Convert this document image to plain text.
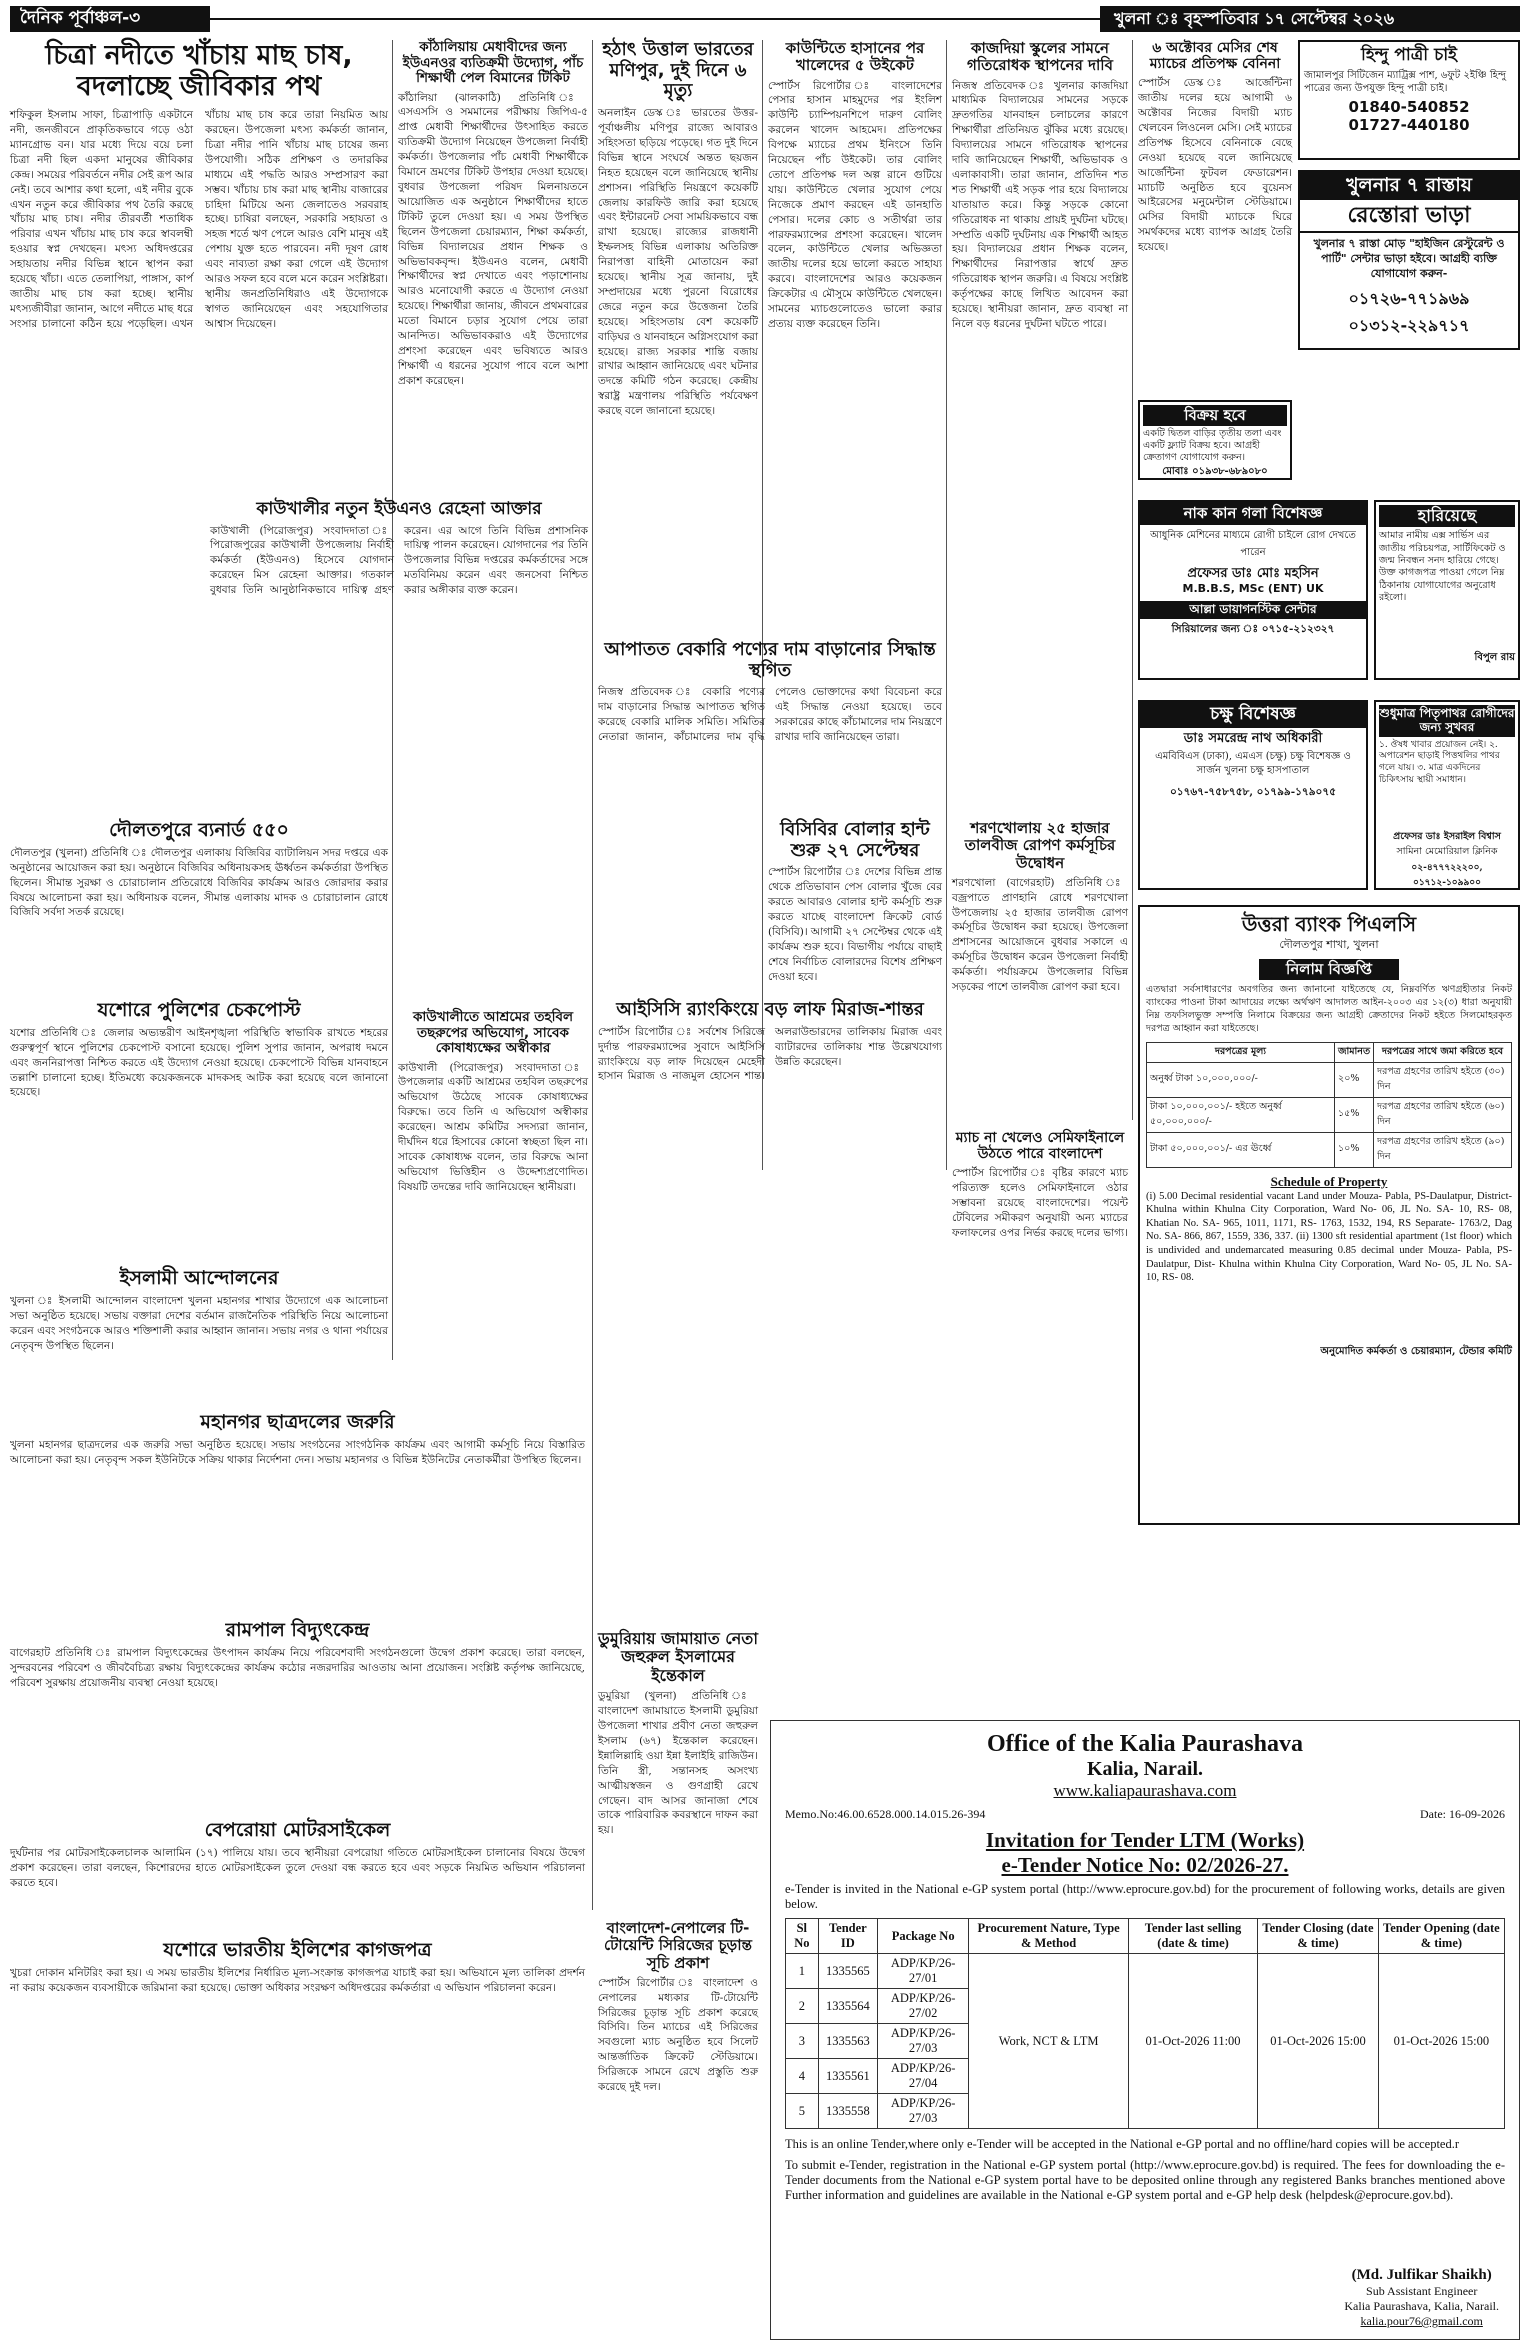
দৈনিক পূর্বাঞ্চল-৩	খুলনা ঃ বৃহস্পতিবার ১৭ সেপ্টেম্বর ২০২৬
চিত্রা নদীতে খাঁচায় মাছ চাষ, বদলাচ্ছে জীবিকার পথ
শফিকুল ইসলাম সাফা, চিত্রাপাড়ি একটানে নদী, জনজীবনে প্রাকৃতিকভাবে গড়ে ওঠা ম্যানগ্রোভ বন। যার মধ্যে দিয়ে বয়ে চলা চিত্রা নদী ছিল একদা মানুষের জীবিকার কেন্দ্র। সময়ের পরিবর্তনে নদীর সেই রূপ আর নেই। তবে আশার কথা হলো, এই নদীর বুকে এখন নতুন করে জীবিকার পথ তৈরি করছে খাঁচায় মাছ চাষ। নদীর তীরবর্তী শতাধিক পরিবার এখন খাঁচায় মাছ চাষ করে স্বাবলম্বী হওয়ার স্বপ্ন দেখছেন। মৎস্য অধিদপ্তরের সহায়তায় নদীর বিভিন্ন স্থানে স্থাপন করা হয়েছে খাঁচা। এতে তেলাপিয়া, পাঙ্গাস, কার্প জাতীয় মাছ চাষ করা হচ্ছে। স্থানীয় মৎস্যজীবীরা জানান, আগে নদীতে মাছ ধরে সংসার চালানো কঠিন হয়ে পড়েছিল। এখন খাঁচায় মাছ চাষ করে তারা নিয়মিত আয় করছেন। উপজেলা মৎস্য কর্মকর্তা জানান, চিত্রা নদীর পানি খাঁচায় মাছ চাষের জন্য উপযোগী। সঠিক প্রশিক্ষণ ও তদারকির মাধ্যমে এই পদ্ধতি আরও সম্প্রসারণ করা সম্ভব। খাঁচায় চাষ করা মাছ স্থানীয় বাজারের চাহিদা মিটিয়ে অন্য জেলাতেও সরবরাহ হচ্ছে। চাষিরা বলছেন, সরকারি সহায়তা ও সহজ শর্তে ঋণ পেলে আরও বেশি মানুষ এই পেশায় যুক্ত হতে পারবেন। নদী দূষণ রোধ এবং নাব্যতা রক্ষা করা গেলে এই উদ্যোগ আরও সফল হবে বলে মনে করেন সংশ্লিষ্টরা। স্থানীয় জনপ্রতিনিধিরাও এই উদ্যোগকে স্বাগত জানিয়েছেন এবং সহযোগিতার আশ্বাস দিয়েছেন।
দৌলতপুরে ব্যনার্ড ৫৫০
দৌলতপুর (খুলনা) প্রতিনিধি ঃ দৌলতপুর এলাকায় বিজিবির ব্যাটালিয়ন সদর দপ্তরে এক অনুষ্ঠানের আয়োজন করা হয়। অনুষ্ঠানে বিজিবির অধিনায়কসহ ঊর্ধ্বতন কর্মকর্তারা উপস্থিত ছিলেন। সীমান্ত সুরক্ষা ও চোরাচালান প্রতিরোধে বিজিবির কার্যক্রম আরও জোরদার করার বিষয়ে আলোচনা করা হয়। অধিনায়ক বলেন, সীমান্ত এলাকায় মাদক ও চোরাচালান রোধে বিজিবি সর্বদা সতর্ক রয়েছে।
যশোরে পুলিশের চেকপোস্ট
যশোর প্রতিনিধি ঃ জেলার অভ্যন্তরীণ আইনশৃঙ্খলা পরিস্থিতি স্বাভাবিক রাখতে শহরের গুরুত্বপূর্ণ স্থানে পুলিশের চেকপোস্ট বসানো হয়েছে। পুলিশ সুপার জানান, অপরাধ দমনে এবং জননিরাপত্তা নিশ্চিত করতে এই উদ্যোগ নেওয়া হয়েছে। চেকপোস্টে বিভিন্ন যানবাহনে তল্লাশি চালানো হচ্ছে। ইতিমধ্যে কয়েকজনকে মাদকসহ আটক করা হয়েছে বলে জানানো হয়েছে।
ইসলামী আন্দোলনের
খুলনা ঃ ইসলামী আন্দোলন বাংলাদেশ খুলনা মহানগর শাখার উদ্যোগে এক আলোচনা সভা অনুষ্ঠিত হয়েছে। সভায় বক্তারা দেশের বর্তমান রাজনৈতিক পরিস্থিতি নিয়ে আলোচনা করেন এবং সংগঠনকে আরও শক্তিশালী করার আহ্বান জানান। সভায় নগর ও থানা পর্যায়ের নেতৃবৃন্দ উপস্থিত ছিলেন।
মহানগর ছাত্রদলের জরুরি
খুলনা মহানগর ছাত্রদলের এক জরুরি সভা অনুষ্ঠিত হয়েছে। সভায় সংগঠনের সাংগঠনিক কার্যক্রম এবং আগামী কর্মসূচি নিয়ে বিস্তারিত আলোচনা করা হয়। নেতৃবৃন্দ সকল ইউনিটকে সক্রিয় থাকার নির্দেশনা দেন। সভায় মহানগর ও বিভিন্ন ইউনিটের নেতাকর্মীরা উপস্থিত ছিলেন।
রামপাল বিদ্যুৎকেন্দ্র
বাগেরহাট প্রতিনিধি ঃ রামপাল বিদ্যুৎকেন্দ্রের উৎপাদন কার্যক্রম নিয়ে পরিবেশবাদী সংগঠনগুলো উদ্বেগ প্রকাশ করেছে। তারা বলছেন, সুন্দরবনের পরিবেশ ও জীববৈচিত্র্য রক্ষায় বিদ্যুৎকেন্দ্রের কার্যক্রম কঠোর নজরদারির আওতায় আনা প্রয়োজন। সংশ্লিষ্ট কর্তৃপক্ষ জানিয়েছে, পরিবেশ সুরক্ষায় প্রয়োজনীয় ব্যবস্থা নেওয়া হয়েছে।
বেপরোয়া মোটরসাইকেল
দুর্ঘটনার পর মোটরসাইকেলচালক আলামিন (১৭) পালিয়ে যায়। তবে স্থানীয়রা বেপরোয়া গতিতে মোটরসাইকেল চালানোর বিষয়ে উদ্বেগ প্রকাশ করেছেন। তারা বলছেন, কিশোরদের হাতে মোটরসাইকেল তুলে দেওয়া বন্ধ করতে হবে এবং সড়কে নিয়মিত অভিযান পরিচালনা করতে হবে।
যশোরে ভারতীয় ইলিশের কাগজপত্র
খুচরা দোকান মনিটরিং করা হয়। এ সময় ভারতীয় ইলিশের নির্ধারিত মূল্য-সংক্রান্ত কাগজপত্র যাচাই করা হয়। অভিযানে মূল্য তালিকা প্রদর্শন না করায় কয়েকজন ব্যবসায়ীকে জরিমানা করা হয়েছে। ভোক্তা অধিকার সংরক্ষণ অধিদপ্তরের কর্মকর্তারা এ অভিযান পরিচালনা করেন।
কাঁঠালিয়ায় মেধাবীদের জন্য ইউএনওর ব্যতিক্রমী উদ্যোগ, পাঁচ শিক্ষার্থী পেল বিমানের টিকিট
কাঁঠালিয়া (ঝালকাঠি) প্রতিনিধি ঃ এসএসসি ও সমমানের পরীক্ষায় জিপিএ-৫ প্রাপ্ত মেধাবী শিক্ষার্থীদের উৎসাহিত করতে ব্যতিক্রমী উদ্যোগ নিয়েছেন উপজেলা নির্বাহী কর্মকর্তা। উপজেলার পাঁচ মেধাবী শিক্ষার্থীকে বিমানে ভ্রমণের টিকিট উপহার দেওয়া হয়েছে। বুধবার উপজেলা পরিষদ মিলনায়তনে আয়োজিত এক অনুষ্ঠানে শিক্ষার্থীদের হাতে টিকিট তুলে দেওয়া হয়। এ সময় উপস্থিত ছিলেন উপজেলা চেয়ারম্যান, শিক্ষা কর্মকর্তা, বিভিন্ন বিদ্যালয়ের প্রধান শিক্ষক ও অভিভাবকবৃন্দ। ইউএনও বলেন, মেধাবী শিক্ষার্থীদের স্বপ্ন দেখাতে এবং পড়াশোনায় আরও মনোযোগী করতে এ উদ্যোগ নেওয়া হয়েছে। শিক্ষার্থীরা জানায়, জীবনে প্রথমবারের মতো বিমানে চড়ার সুযোগ পেয়ে তারা আনন্দিত। অভিভাবকরাও এই উদ্যোগের প্রশংসা করেছেন এবং ভবিষ্যতে আরও শিক্ষার্থী এ ধরনের সুযোগ পাবে বলে আশা প্রকাশ করেছেন।
কাউখালীর নতুন ইউএনও রেহেনা আক্তার
কাউখালী (পিরোজপুর) সংবাদদাতা ঃ পিরোজপুরের কাউখালী উপজেলায় নির্বাহী কর্মকর্তা (ইউএনও) হিসেবে যোগদান করেছেন মিস রেহেনা আক্তার। গতকাল বুধবার তিনি আনুষ্ঠানিকভাবে দায়িত্ব গ্রহণ করেন। এর আগে তিনি বিভিন্ন প্রশাসনিক দায়িত্ব পালন করেছেন। যোগদানের পর তিনি উপজেলার বিভিন্ন দপ্তরের কর্মকর্তাদের সঙ্গে মতবিনিময় করেন এবং জনসেবা নিশ্চিত করার অঙ্গীকার ব্যক্ত করেন।
কাউখালীতে আশ্রমের তহবিল তছরুপের অভিযোগ, সাবেক কোষাধ্যক্ষের অস্বীকার
কাউখালী (পিরোজপুর) সংবাদদাতা ঃ উপজেলার একটি আশ্রমের তহবিল তছরুপের অভিযোগ উঠেছে সাবেক কোষাধ্যক্ষের বিরুদ্ধে। তবে তিনি এ অভিযোগ অস্বীকার করেছেন। আশ্রম কমিটির সদস্যরা জানান, দীর্ঘদিন ধরে হিসাবের কোনো স্বচ্ছতা ছিল না। সাবেক কোষাধ্যক্ষ বলেন, তার বিরুদ্ধে আনা অভিযোগ ভিত্তিহীন ও উদ্দেশ্যপ্রণোদিত। বিষয়টি তদন্তের দাবি জানিয়েছেন স্থানীয়রা।
হঠাৎ উত্তাল ভারতের মণিপুর, দুই দিনে ৬ মৃত্যু
অনলাইন ডেস্ক ঃ ভারতের উত্তর-পূর্বাঞ্চলীয় মণিপুর রাজ্যে আবারও সহিংসতা ছড়িয়ে পড়েছে। গত দুই দিনে বিভিন্ন স্থানে সংঘর্ষে অন্তত ছয়জন নিহত হয়েছেন বলে জানিয়েছে স্থানীয় প্রশাসন। পরিস্থিতি নিয়ন্ত্রণে কয়েকটি জেলায় কারফিউ জারি করা হয়েছে এবং ইন্টারনেট সেবা সাময়িকভাবে বন্ধ রাখা হয়েছে। রাজ্যের রাজধানী ইম্ফলসহ বিভিন্ন এলাকায় অতিরিক্ত নিরাপত্তা বাহিনী মোতায়েন করা হয়েছে। স্থানীয় সূত্র জানায়, দুই সম্প্রদায়ের মধ্যে পুরনো বিরোধের জেরে নতুন করে উত্তেজনা তৈরি হয়েছে। সহিংসতায় বেশ কয়েকটি বাড়িঘর ও যানবাহনে অগ্নিসংযোগ করা হয়েছে। রাজ্য সরকার শান্তি বজায় রাখার আহ্বান জানিয়েছে এবং ঘটনার তদন্তে কমিটি গঠন করেছে। কেন্দ্রীয় স্বরাষ্ট্র মন্ত্রণালয় পরিস্থিতি পর্যবেক্ষণ করছে বলে জানানো হয়েছে।
আপাতত বেকারি পণ্যের দাম বাড়ানোর সিদ্ধান্ত স্থগিত
নিজস্ব প্রতিবেদক ঃ বেকারি পণ্যের দাম বাড়ানোর সিদ্ধান্ত আপাতত স্থগিত করেছে বেকারি মালিক সমিতি। সমিতির নেতারা জানান, কাঁচামালের দাম বৃদ্ধি পেলেও ভোক্তাদের কথা বিবেচনা করে এই সিদ্ধান্ত নেওয়া হয়েছে। তবে সরকারের কাছে কাঁচামালের দাম নিয়ন্ত্রণে রাখার দাবি জানিয়েছেন তারা।
আইসিসি র‌্যাংকিংয়ে বড় লাফ মিরাজ-শান্তর
স্পোর্টস রিপোর্টার ঃ সর্বশেষ সিরিজে দুর্দান্ত পারফরম্যান্সের সুবাদে আইসিসি র‌্যাংকিংয়ে বড় লাফ দিয়েছেন মেহেদী হাসান মিরাজ ও নাজমুল হোসেন শান্ত। অলরাউন্ডারদের তালিকায় মিরাজ এবং ব্যাটারদের তালিকায় শান্ত উল্লেখযোগ্য উন্নতি করেছেন।
ডুমুরিয়ায় জামায়াত নেতা জহুরুল ইসলামের ইন্তেকাল
ডুমুরিয়া (খুলনা) প্রতিনিধি ঃ বাংলাদেশ জামায়াতে ইসলামী ডুমুরিয়া উপজেলা শাখার প্রবীণ নেতা জহুরুল ইসলাম (৬৭) ইন্তেকাল করেছেন। ইন্নালিল্লাহি ওয়া ইন্না ইলাইহি রাজিউন। তিনি স্ত্রী, সন্তানসহ অসংখ্য আত্মীয়স্বজন ও গুণগ্রাহী রেখে গেছেন। বাদ আসর জানাজা শেষে তাকে পারিবারিক কবরস্থানে দাফন করা হয়।
বাংলাদেশ-নেপালের টি-টোয়েন্টি সিরিজের চূড়ান্ত সূচি প্রকাশ
স্পোর্টস রিপোর্টার ঃ বাংলাদেশ ও নেপালের মধ্যকার টি-টোয়েন্টি সিরিজের চূড়ান্ত সূচি প্রকাশ করেছে বিসিবি। তিন ম্যাচের এই সিরিজের সবগুলো ম্যাচ অনুষ্ঠিত হবে সিলেট আন্তর্জাতিক ক্রিকেট স্টেডিয়ামে। সিরিজকে সামনে রেখে প্রস্তুতি শুরু করেছে দুই দল।
কাউন্টিতে হাসানের পর খালেদের ৫ উইকেট
স্পোর্টস রিপোর্টার ঃ বাংলাদেশের পেসার হাসান মাহমুদের পর ইংলিশ কাউন্টি চ্যাম্পিয়নশিপে দারুণ বোলিং করলেন খালেদ আহমেদ। প্রতিপক্ষের বিপক্ষে ম্যাচের প্রথম ইনিংসে তিনি নিয়েছেন পাঁচ উইকেট। তার বোলিং তোপে প্রতিপক্ষ দল অল্প রানে গুটিয়ে যায়। কাউন্টিতে খেলার সুযোগ পেয়ে নিজেকে প্রমাণ করছেন এই ডানহাতি পেসার। দলের কোচ ও সতীর্থরা তার পারফরম্যান্সের প্রশংসা করেছেন। খালেদ বলেন, কাউন্টিতে খেলার অভিজ্ঞতা জাতীয় দলের হয়ে ভালো করতে সাহায্য করবে। বাংলাদেশের আরও কয়েকজন ক্রিকেটার এ মৌসুমে কাউন্টিতে খেলছেন। সামনের ম্যাচগুলোতেও ভালো করার প্রত্যয় ব্যক্ত করেছেন তিনি।
বিসিবির বোলার হান্ট শুরু ২৭ সেপ্টেম্বর
স্পোর্টস রিপোর্টার ঃ দেশের বিভিন্ন প্রান্ত থেকে প্রতিভাবান পেস বোলার খুঁজে বের করতে আবারও বোলার হান্ট কর্মসূচি শুরু করতে যাচ্ছে বাংলাদেশ ক্রিকেট বোর্ড (বিসিবি)। আগামী ২৭ সেপ্টেম্বর থেকে এই কার্যক্রম শুরু হবে। বিভাগীয় পর্যায়ে বাছাই শেষে নির্বাচিত বোলারদের বিশেষ প্রশিক্ষণ দেওয়া হবে।
কাজদিয়া স্কুলের সামনে গতিরোধক স্থাপনের দাবি
নিজস্ব প্রতিবেদক ঃ খুলনার কাজদিয়া মাধ্যমিক বিদ্যালয়ের সামনের সড়কে দ্রুতগতির যানবাহন চলাচলের কারণে শিক্ষার্থীরা প্রতিনিয়ত ঝুঁকির মধ্যে রয়েছে। বিদ্যালয়ের সামনে গতিরোধক স্থাপনের দাবি জানিয়েছেন শিক্ষার্থী, অভিভাবক ও এলাকাবাসী। তারা জানান, প্রতিদিন শত শত শিক্ষার্থী এই সড়ক পার হয়ে বিদ্যালয়ে যাতায়াত করে। কিন্তু সড়কে কোনো গতিরোধক না থাকায় প্রায়ই দুর্ঘটনা ঘটছে। সম্প্রতি একটি দুর্ঘটনায় এক শিক্ষার্থী আহত হয়। বিদ্যালয়ের প্রধান শিক্ষক বলেন, শিক্ষার্থীদের নিরাপত্তার স্বার্থে দ্রুত গতিরোধক স্থাপন জরুরি। এ বিষয়ে সংশ্লিষ্ট কর্তৃপক্ষের কাছে লিখিত আবেদন করা হয়েছে। স্থানীয়রা জানান, দ্রুত ব্যবস্থা না নিলে বড় ধরনের দুর্ঘটনা ঘটতে পারে।
শরণখোলায় ২৫ হাজার তালবীজ রোপণ কর্মসূচির উদ্বোধন
শরণখোলা (বাগেরহাট) প্রতিনিধি ঃ বজ্রপাতে প্রাণহানি রোধে শরণখোলা উপজেলায় ২৫ হাজার তালবীজ রোপণ কর্মসূচির উদ্বোধন করা হয়েছে। উপজেলা প্রশাসনের আয়োজনে বুধবার সকালে এ কর্মসূচির উদ্বোধন করেন উপজেলা নির্বাহী কর্মকর্তা। পর্যায়ক্রমে উপজেলার বিভিন্ন সড়কের পাশে তালবীজ রোপণ করা হবে।
ম্যাচ না খেলেও সেমিফাইনালে উঠতে পারে বাংলাদেশ
স্পোর্টস রিপোর্টার ঃ বৃষ্টির কারণে ম্যাচ পরিত্যক্ত হলেও সেমিফাইনালে ওঠার সম্ভাবনা রয়েছে বাংলাদেশের। পয়েন্ট টেবিলের সমীকরণ অনুযায়ী অন্য ম্যাচের ফলাফলের ওপর নির্ভর করছে দলের ভাগ্য।
৬ অক্টোবর মেসির শেষ ম্যাচের প্রতিপক্ষ বেনিনা
স্পোর্টস ডেস্ক ঃ আর্জেন্টিনা জাতীয় দলের হয়ে আগামী ৬ অক্টোবর নিজের বিদায়ী ম্যাচ খেলবেন লিওনেল মেসি। সেই ম্যাচের প্রতিপক্ষ হিসেবে বেনিনাকে বেছে নেওয়া হয়েছে বলে জানিয়েছে আর্জেন্টিনা ফুটবল ফেডারেশন। ম্যাচটি অনুষ্ঠিত হবে বুয়েনস আইরেসের মনুমেন্টাল স্টেডিয়ামে। মেসির বিদায়ী ম্যাচকে ঘিরে সমর্থকদের মধ্যে ব্যাপক আগ্রহ তৈরি হয়েছে।
হিন্দু পাত্রী চাই
জামালপুর সিটিজেন ম্যাট্রিক্স পাশ, ৬ফুট ২ইঞ্চি হিন্দু পাত্রের জন্য উপযুক্ত হিন্দু পাত্রী চাই।
01840-540852
01727-440180
খুলনার ৭ রাস্তায়
রেস্তোরা ভাড়া
খুলনার ৭ রাস্তা মোড় "হাইজিন রেস্টুরেন্ট ও পার্টি" সেন্টার ভাড়া হইবে। আগ্রহী ব্যক্তি যোগাযোগ করুন-
০১৭২৬-৭৭১৯৬৯
০১৩১২-২২৯৭১৭
বিক্রয় হবে
একটি দ্বিতল বাড়ির তৃতীয় তলা এবং একটি ফ্ল্যাট বিক্রয় হবে। আগ্রহী ক্রেতাগণ যোগাযোগ করুন।
মোবাঃ ০১৯৩৮-৬৮৯০৮০
নাক কান গলা বিশেষজ্ঞ
আধুনিক মেশিনের মাধ্যমে রোগী চাইলে রোগ দেখতে পারেন
প্রফেসর ডাঃ মোঃ মহসিন
M.B.B.S, MSc (ENT) UK
আল্লা ডায়াগনস্টিক সেন্টার
সিরিয়ালের জন্য ঃ ০৭১৫-২১২৩২৭
হারিয়েছে
আমার নামীয় এক্স সার্ভিস এর জাতীয় পরিচয়পত্র, সার্টিফিকেট ও জন্ম নিবন্ধন সনদ হারিয়ে গেছে। উক্ত কাগজপত্র পাওয়া গেলে নিম্ন ঠিকানায় যোগাযোগের অনুরোধ রইলো।
বিপুল রায়
চক্ষু বিশেষজ্ঞ
ডাঃ সমরেন্দ্র নাথ অধিকারী
এমবিবিএস (ঢাকা), এমএস (চক্ষু) চক্ষু বিশেষজ্ঞ ও সার্জন খুলনা চক্ষু হাসপাতাল
০১৭৬৭-৭৫৮৭৫৮, ০১৭৯৯-১৭৯০৭৫
শুধুমাত্র পিতৃপাথর রোগীদের জন্য সুখবর
১. ঔষধ খাবার প্রয়োজন নেই। ২. অপারেশন ছাড়াই পিত্তথলির পাথর গলে যায়। ৩. মাত্র একদিনের চিকিৎসায় স্থায়ী সমাধান।
প্রফেসর ডাঃ ইসরাইল বিশ্বাস
সামিনা মেমোরিয়াল ক্লিনিক
০২-৪৭৭৭২২২০০, ০১৭১২-১০৯৯০০
উত্তরা ব্যাংক পিএলসি
দৌলতপুর শাখা, খুলনা
নিলাম বিজ্ঞপ্তি
এতদ্বারা সর্বসাধারণের অবগতির জন্য জানানো যাইতেছে যে, নিম্নবর্ণিত ঋণগ্রহীতার নিকট ব্যাংকের পাওনা টাকা আদায়ের লক্ষ্যে অর্থঋণ আদালত আইন-২০০৩ এর ১২(৩) ধারা অনুযায়ী নিম্ন তফসিলভুক্ত সম্পত্তি নিলামে বিক্রয়ের জন্য আগ্রহী ক্রেতাদের নিকট হইতে সিলমোহরকৃত দরপত্র আহ্বান করা যাইতেছে।
দরপত্রের মূল্য	জামানত	দরপত্রের সাথে জমা করিতে হবে
অনুর্ধ্ব টাকা ১০,০০০,০০০/-	২০%	দরপত্র গ্রহণের তারিখ হইতে (৩০) দিন
টাকা ১০,০০০,০০১/- হইতে অনুর্ধ্ব ৫০,০০০,০০০/-	১৫%	দরপত্র গ্রহণের তারিখ হইতে (৬০) দিন
টাকা ৫০,০০০,০০১/- এর ঊর্ধ্বে	১০%	দরপত্র গ্রহণের তারিখ হইতে (৯০) দিন
Schedule of Property
(i) 5.00 Decimal residential vacant Land under Mouza- Pabla, PS-Daulatpur, District- Khulna within Khulna City Corporation, Ward No- 06, JL No. SA- 10, RS- 08, Khatian No. SA- 965, 1011, 1171, RS- 1763, 1532, 194, RS Separate- 1763/2, Dag No. SA- 866, 867, 1559, 336, 337. (ii) 1300 sft residential apartment (1st floor) which is undivided and undemarcated measuring 0.85 decimal under Mouza- Pabla, PS-Daulatpur, Dist- Khulna within Khulna City Corporation, Ward No- 05, JL No. SA- 10, RS- 08.
অনুমোদিত কর্মকর্তা ও চেয়ারম্যান, টেন্ডার কমিটি
Office of the Kalia Paurashava
Kalia, Narail.
www.kaliapaurashava.com
Memo.No:46.00.6528.000.14.015.26-394	Date: 16-09-2026
Invitation for Tender LTM (Works)
e-Tender Notice No: 02/2026-27.
e-Tender is invited in the National e-GP system portal (http://www.eprocure.gov.bd) for the procurement of following works, details are given below.
Sl No	Tender ID	Package No	Procurement Nature, Type & Method	Tender last selling (date & time)	Tender Closing (date & time)	Tender Opening (date & time)
1	1335565	ADP/KP/26-27/01	Work, NCT & LTM	01-Oct-2026 11:00	01-Oct-2026 15:00	01-Oct-2026 15:00
2	1335564	ADP/KP/26-27/02				
3	1335563	ADP/KP/26-27/03				
4	1335561	ADP/KP/26-27/04				
5	1335558	ADP/KP/26-27/03				
This is an online Tender,where only e-Tender will be accepted in the National e-GP portal and no offline/hard copies will be accepted.r
To submit e-Tender, registration in the National e-GP system portal (http://www.eprocure.gov.bd) is required. The fees for downloading the e-Tender documents from the National e-GP system portal have to be deposited online through any registered Banks branches mentioned above Further information and guidelines are available in the National e-GP system portal and e-GP help desk (helpdesk@eprocure.gov.bd).
(Md. Julfikar Shaikh)
Sub Assistant Engineer
Kalia Paurashava, Kalia, Narail.
kalia.pour76@gmail.com
